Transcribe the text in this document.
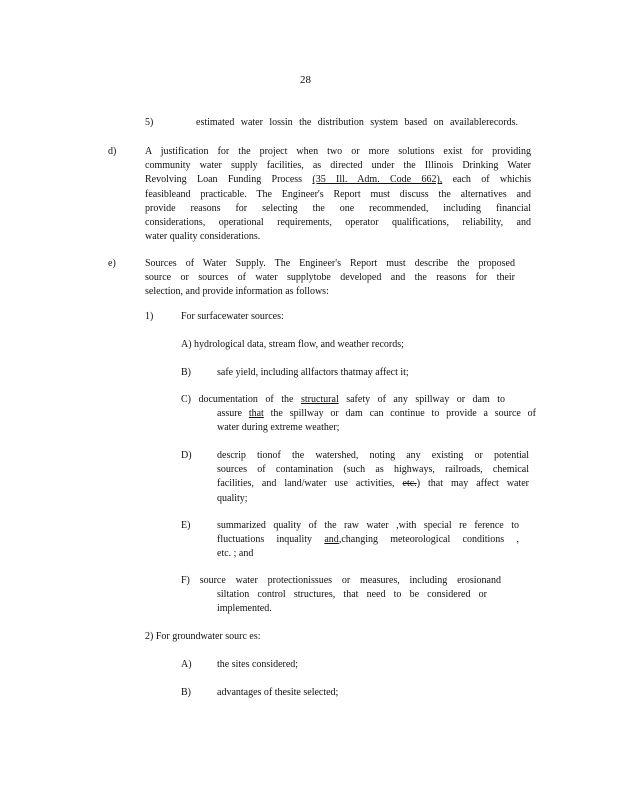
28
5)	estimated water lossin the distribution system based on availablerecords.
d)	A justification for the project when two or more solutions exist for providing
community water supply facilities, as directed under the Illinois Drinking Water
Revolving Loan Funding Process (35 Ill. Adm. Code 662), each of whichis
feasibleand practicable. The Engineer's Report must discuss the alternatives and
provide reasons for selecting the one recommended, including financial
considerations, operational requirements, operator qualifications, reliability, and
water quality considerations.
e)	Sources of Water Supply. The Engineer's Report must describe the proposed
source or sources of water supplytobe developed and the reasons for their
selection, and provide information as follows:
1)	For surfacewater sources:
A) hydrological data, stream flow, and weather records;
B)	safe yield, including allfactors thatmay affect it;
C) documentation of the structural safety of any spillway or dam to
assure that the spillway or dam can continue to provide a source of
water during extreme weather;
D)	descrip tionof the watershed, noting any existing or potential
sources of contamination (such as highways, railroads, chemical
facilities, and land/water use activities, etc.) that may affect water
quality;
E)	summarized quality of the raw water ,with special re ference to
fluctuations inquality and,changing meteorological conditions ,
etc. ; and
F) source water protectionissues or measures, including erosionand
siltation control structures, that need to be considered or
implemented.
2) For groundwater sourc es:
A)	the sites considered;
B)	advantages of thesite selected;
